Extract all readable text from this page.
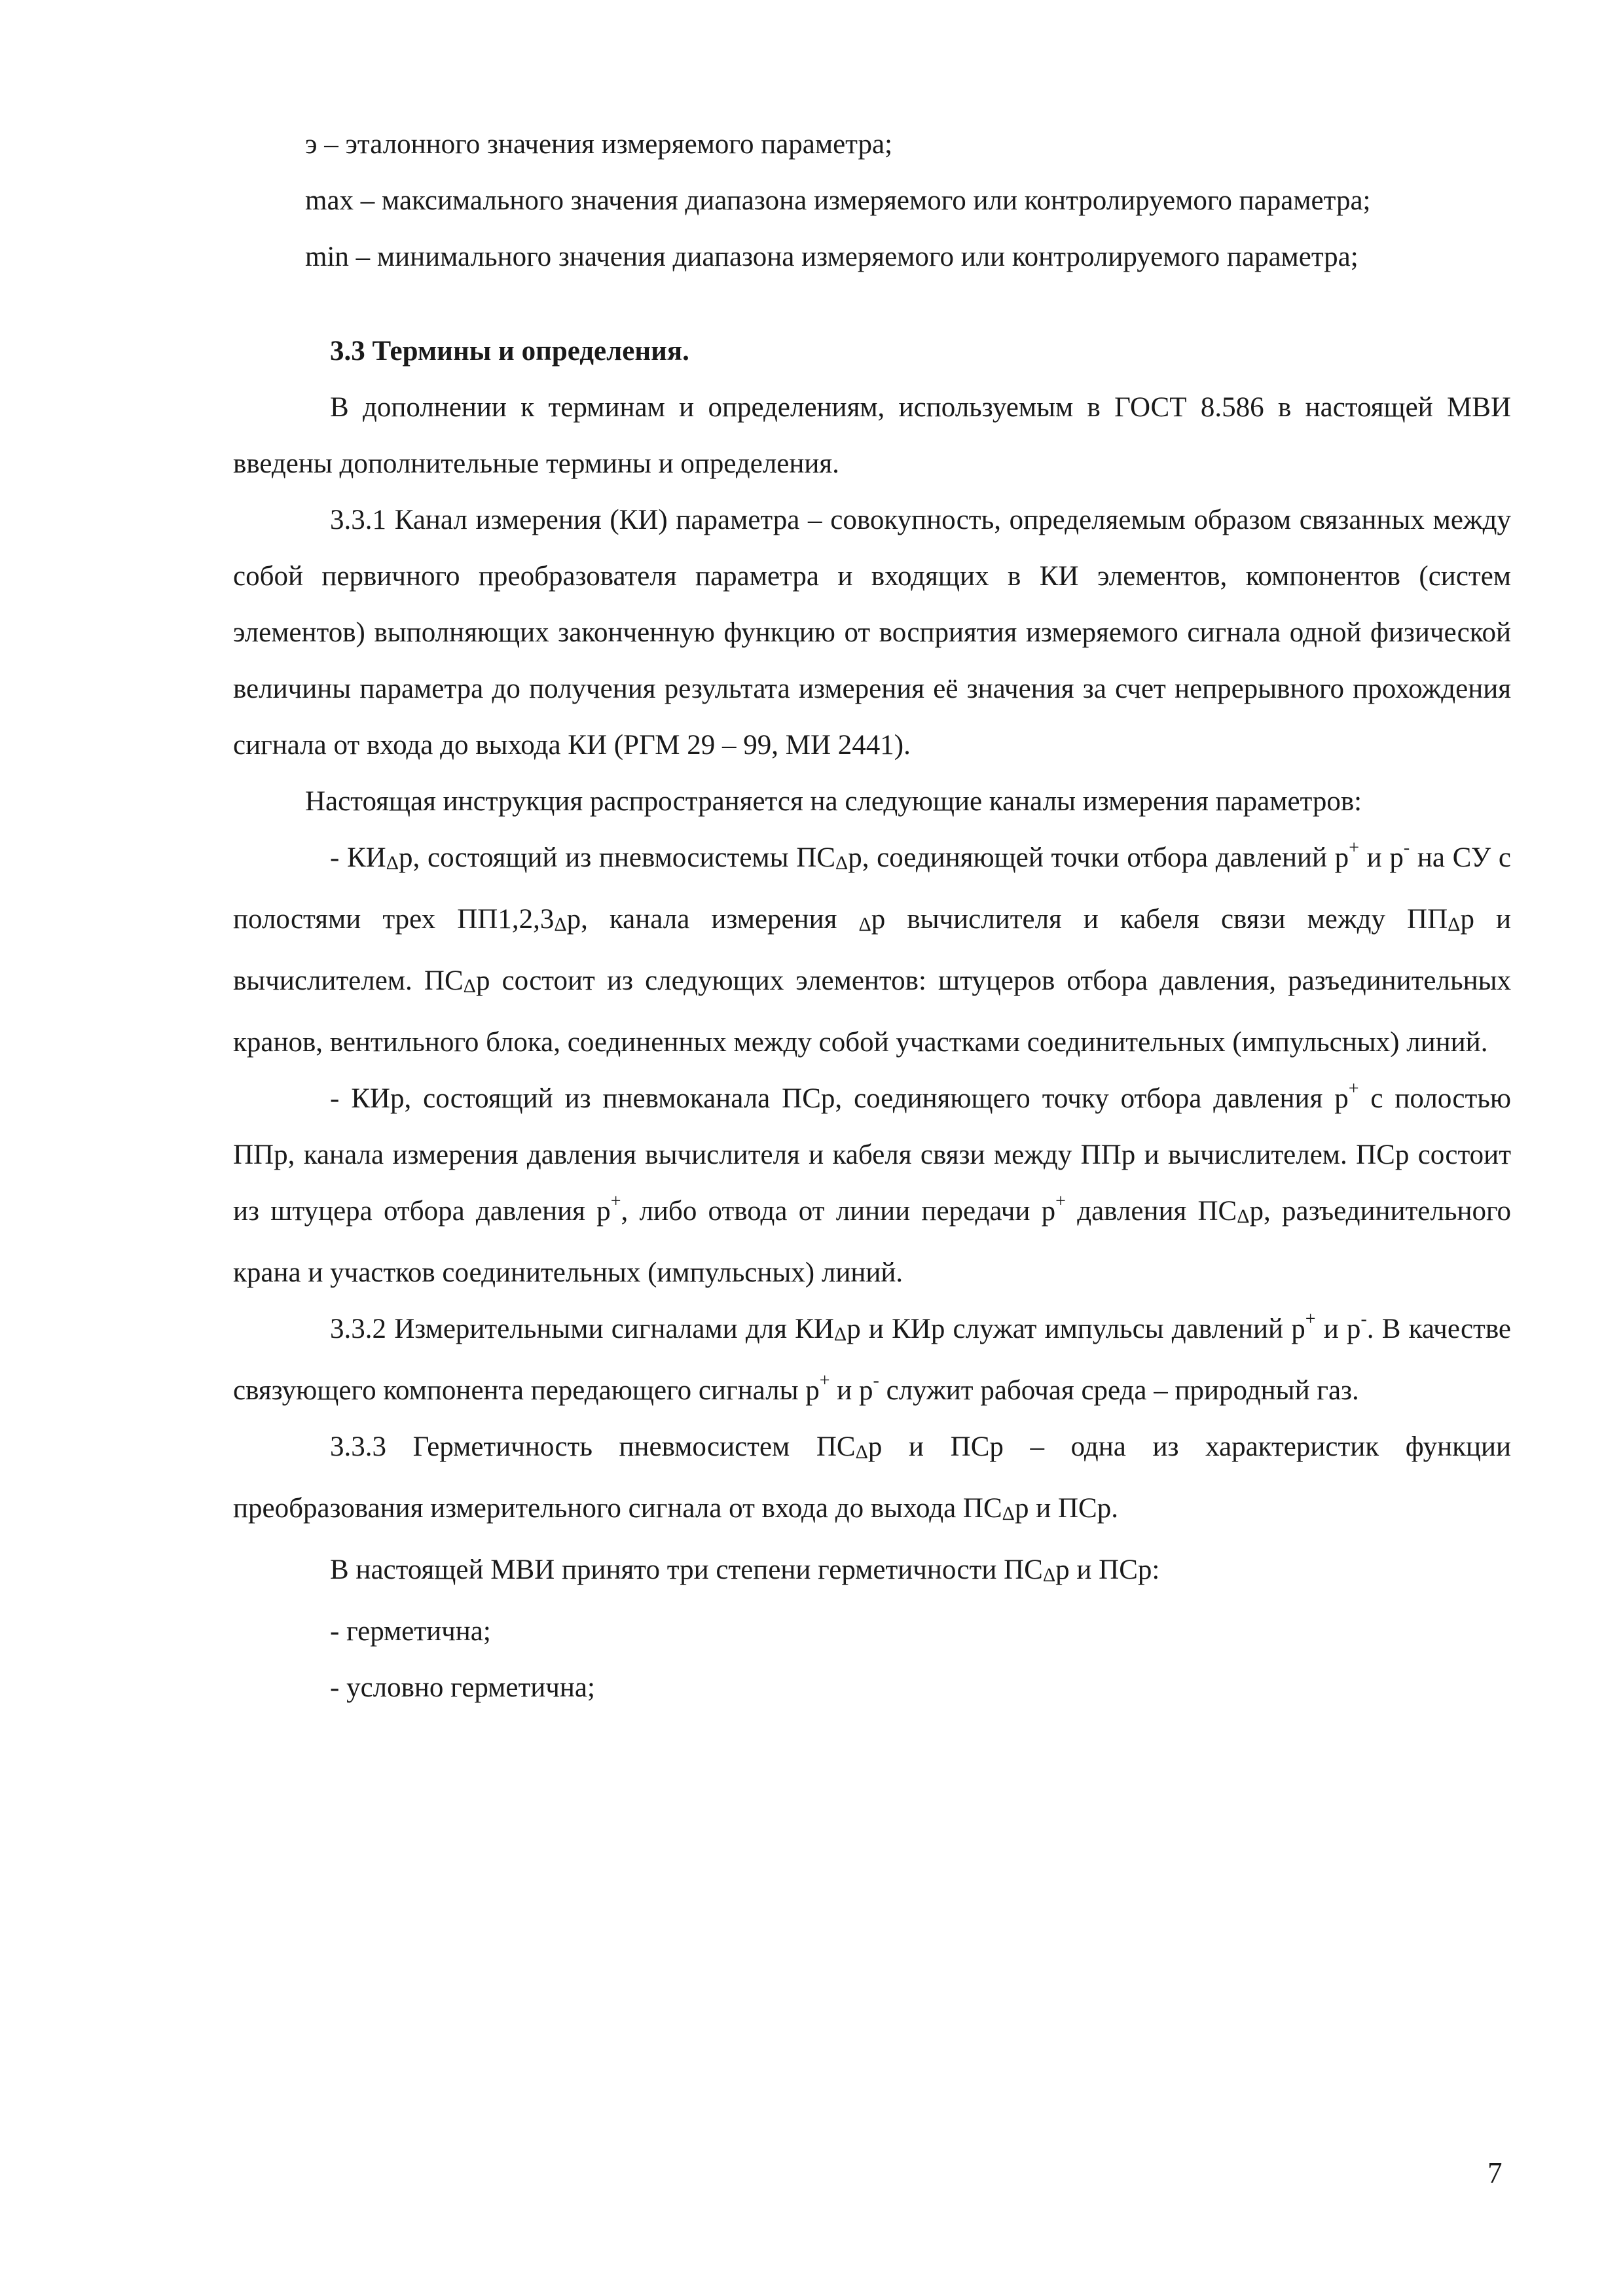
э – эталонного значения измеряемого параметра;

max – максимального значения диапазона измеряемого или контролируемого параметра;

min – минимального значения диапазона измеряемого или контролируемого параметра;

3.3 Термины и определения.

В дополнении к терминам и определениям, используемым в ГОСТ 8.586 в настоящей МВИ введены дополнительные термины и определения.

3.3.1 Канал измерения (КИ) параметра – совокупность, определяемым образом связанных между собой первичного преобразователя параметра и входящих в КИ элементов, компонентов (систем элементов) выполняющих законченную функцию от восприятия измеряемого сигнала одной физической величины параметра до получения результата измерения её значения за счет непрерывного прохождения сигнала от входа до выхода КИ (РГМ 29 – 99, МИ 2441).

Настоящая инструкция распространяется на следующие каналы измерения параметров:

- $КИ_\Delta р$, состоящий из пневмосистемы $ПС_\Delta р$, соединяющей точки отбора давлений р+ и р- на СУ с полостями трех $ПП1,2,3_\Delta р$, канала измерения $_\Delta$р вычислителя и кабеля связи между $ПП_\Delta р$ и вычислителем. $ПС_\Delta р$ состоит из следующих элементов: штуцеров отбора давления, разъединительных кранов, вентильного блока, соединенных между собой участками соединительных (импульсных) линий.

- КИр, состоящий из пневмоканала ПСр, соединяющего точку отбора давления р+ с полостью ППр, канала измерения давления вычислителя и кабеля связи между ППр и вычислителем. ПСр состоит из штуцера отбора давления р+, либо отвода от линии передачи р+ давления $ПС_\Delta р$, разъединительного крана и участков соединительных (импульсных) линий.

3.3.2 Измерительными сигналами для $КИ_\Delta р$ и КИр служат импульсы давлений р+ и р-. В качестве связующего компонента передающего сигналы р+ и р- служит рабочая среда – природный газ.

3.3.3 Герметичность пневмосистем $ПС_\Delta р$ и ПСр – одна из характеристик функции преобразования измерительного сигнала от входа до выхода $ПС_\Delta р$ и ПСр.

В настоящей МВИ принято три степени герметичности $ПС_\Delta р$ и ПСр:

- герметична;

- условно герметична;

7
